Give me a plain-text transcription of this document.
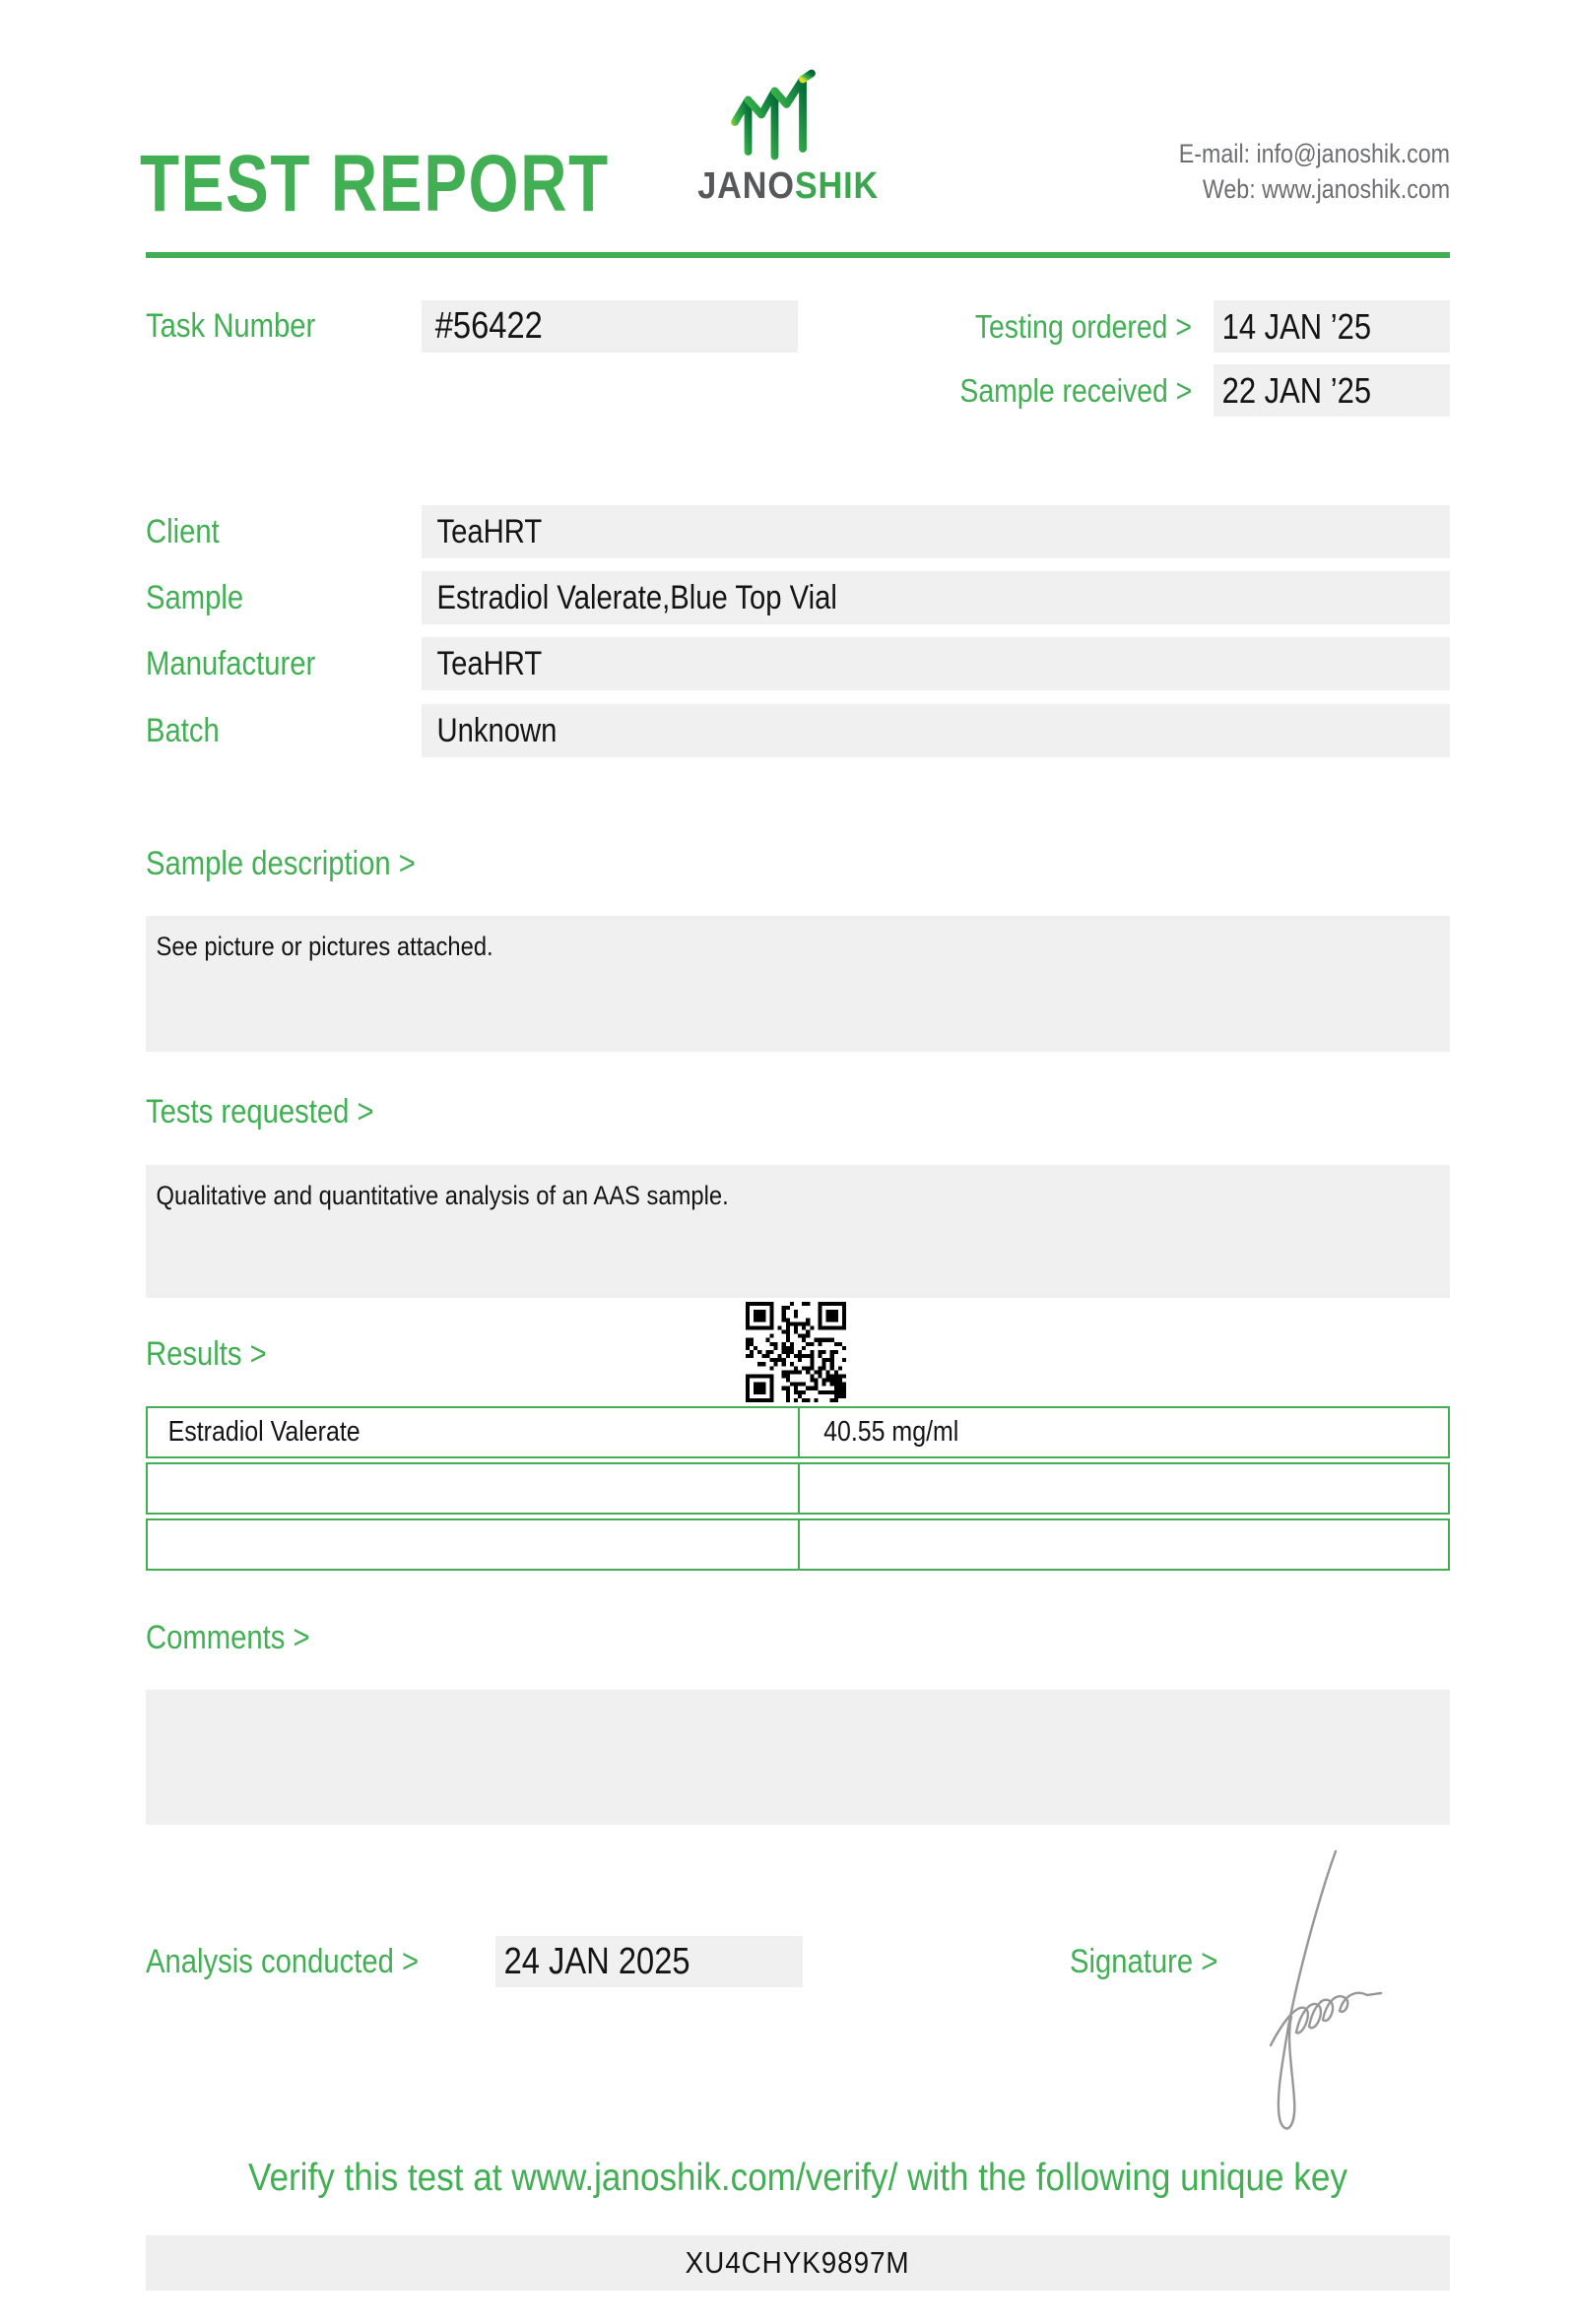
TEST REPORT	JANOSHIK
E-mail: info@janoshik.com
Web: www.janoshik.com
Task Number	#56422	Testing ordered > 14 JAN ’25
Sample received > 22 JAN ’25
Client	TeaHRT
Sample	Estradiol Valerate,Blue Top Vial
Manufacturer	TeaHRT
Batch	Unknown
Sample description >
See picture or pictures attached.
Tests requested >
Qualitative and quantitative analysis of an AAS sample.
Results >
Estradiol Valerate	40.55 mg/ml
Comments >
Analysis conducted >	24 JAN 2025	Signature >
Verify this test at www.janoshik.com/verify/ with the following unique key
XU4CHYK9897M
